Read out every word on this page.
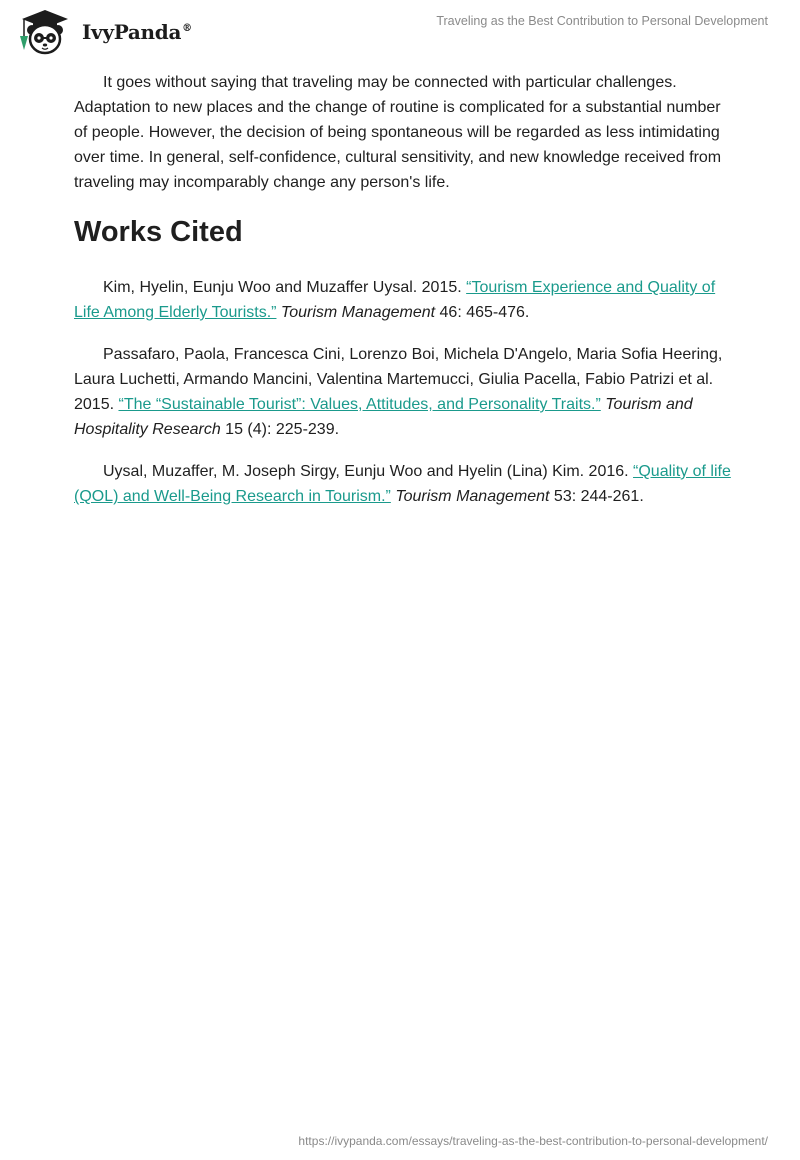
IvyPanda®
Traveling as the Best Contribution to Personal Development

It goes without saying that traveling may be connected with particular challenges. Adaptation to new places and the change of routine is complicated for a substantial number of people. However, the decision of being spontaneous will be regarded as less intimidating over time. In general, self-confidence, cultural sensitivity, and new knowledge received from traveling may incomparably change any person's life.

Works Cited

Kim, Hyelin, Eunju Woo and Muzaffer Uysal. 2015. “Tourism Experience and Quality of Life Among Elderly Tourists.” Tourism Management 46: 465-476.

Passafaro, Paola, Francesca Cini, Lorenzo Boi, Michela D'Angelo, Maria Sofia Heering, Laura Luchetti, Armando Mancini, Valentina Martemucci, Giulia Pacella, Fabio Patrizi et al. 2015. “The “Sustainable Tourist”: Values, Attitudes, and Personality Traits.” Tourism and Hospitality Research 15 (4): 225-239.

Uysal, Muzaffer, M. Joseph Sirgy, Eunju Woo and Hyelin (Lina) Kim. 2016. “Quality of life (QOL) and Well-Being Research in Tourism.” Tourism Management 53: 244-261.

https://ivypanda.com/essays/traveling-as-the-best-contribution-to-personal-development/
